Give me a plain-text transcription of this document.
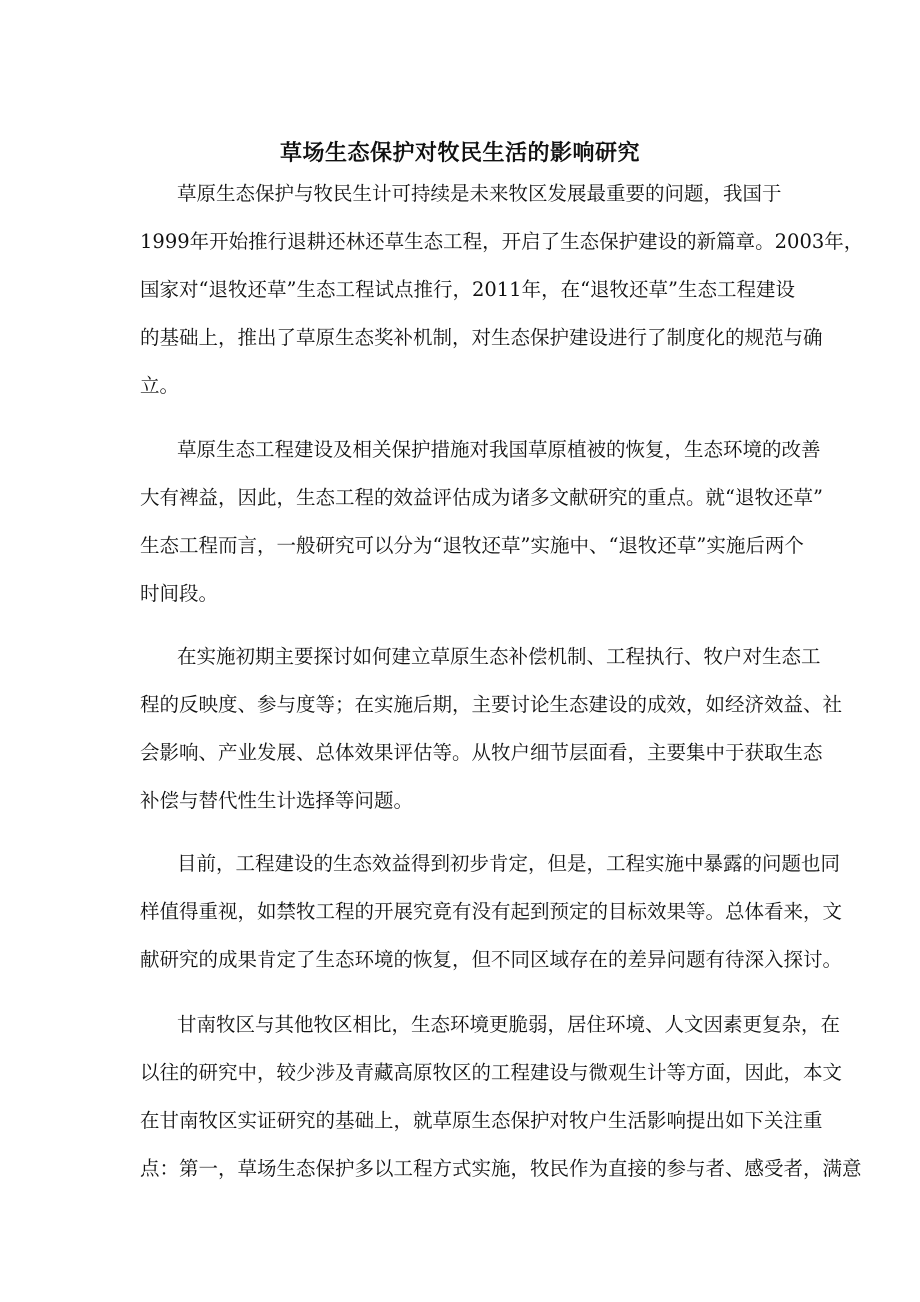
草场生态保护对牧民生活的影响研究
草原生态保护与牧民生计可持续是未来牧区发展最重要的问题，我国于
1999年开始推行退耕还林还草生态工程，开启了生态保护建设的新篇章。2003年，
国家对“退牧还草”生态工程试点推行，2011年，在“退牧还草”生态工程建设
的基础上，推出了草原生态奖补机制，对生态保护建设进行了制度化的规范与确
立。
草原生态工程建设及相关保护措施对我国草原植被的恢复，生态环境的改善
大有裨益，因此，生态工程的效益评估成为诸多文献研究的重点。就“退牧还草”
生态工程而言，一般研究可以分为“退牧还草”实施中、“退牧还草”实施后两个
时间段。
在实施初期主要探讨如何建立草原生态补偿机制、工程执行、牧户对生态工
程的反映度、参与度等；在实施后期，主要讨论生态建设的成效，如经济效益、社
会影响、产业发展、总体效果评估等。从牧户细节层面看，主要集中于获取生态
补偿与替代性生计选择等问题。
目前，工程建设的生态效益得到初步肯定，但是，工程实施中暴露的问题也同
样值得重视，如禁牧工程的开展究竟有没有起到预定的目标效果等。总体看来，文
献研究的成果肯定了生态环境的恢复，但不同区域存在的差异问题有待深入探讨。
甘南牧区与其他牧区相比，生态环境更脆弱，居住环境、人文因素更复杂，在
以往的研究中，较少涉及青藏高原牧区的工程建设与微观生计等方面，因此，本文
在甘南牧区实证研究的基础上，就草原生态保护对牧户生活影响提出如下关注重
点：第一，草场生态保护多以工程方式实施，牧民作为直接的参与者、感受者，满意
